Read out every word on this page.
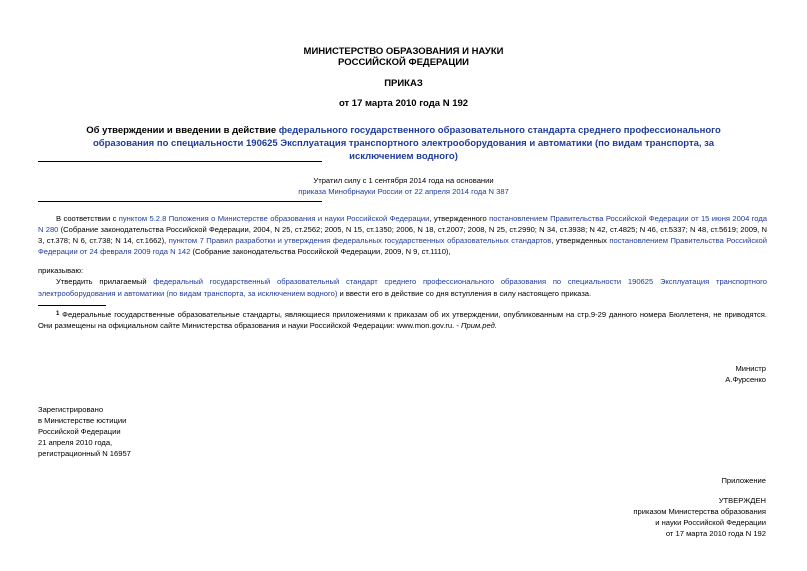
МИНИСТЕРСТВО ОБРАЗОВАНИЯ И НАУКИ
РОССИЙСКОЙ ФЕДЕРАЦИИ
ПРИКАЗ
от 17 марта 2010 года N 192
Об утверждении и введении в действие федерального государственного образовательного стандарта среднего профессионального образования по специальности 190625 Эксплуатация транспортного электрооборудования и автоматики (по видам транспорта, за исключением водного)
Утратил силу с 1 сентября 2014 года на основании
приказа Минобрнауки России от 22 апреля 2014 года N 387
В соответствии с пунктом 5.2.8 Положения о Министерстве образования и науки Российской Федерации, утвержденного постановлением Правительства Российской Федерации от 15 июня 2004 года N 280 (Собрание законодательства Российской Федерации, 2004, N 25, ст.2562; 2005, N 15, ст.1350; 2006, N 18, ст.2007; 2008, N 25, ст.2990; N 34, ст.3938; N 42, ст.4825; N 46, ст.5337; N 48, ст.5619; 2009, N 3, ст.378; N 6, ст.738; N 14, ст.1662), пунктом 7 Правил разработки и утверждения федеральных государственных образовательных стандартов, утвержденных постановлением Правительства Российской Федерации от 24 февраля 2009 года N 142 (Собрание законодательства Российской Федерации, 2009, N 9, ст.1110),
приказываю:
Утвердить прилагаемый федеральный государственный образовательный стандарт среднего профессионального образования по специальности 190625 Эксплуатация транспортного электрооборудования и автоматики (по видам транспорта, за исключением водного) и ввести его в действие со дня вступления в силу настоящего приказа.
$^1$ Федеральные государственные образовательные стандарты, являющиеся приложениями к приказам об их утверждении, опубликованным на стр.9-29 данного номера Бюллетеня, не приводятся. Они размещены на официальном сайте Министерства образования и науки Российской Федерации: www.mon.gov.ru. - Прим.ред.
Министр
А.Фурсенко
Зарегистрировано
в Министерстве юстиции
Российской Федерации
21 апреля 2010 года,
регистрационный N 16957
Приложение
УТВЕРЖДЕН
приказом Министерства образования
и науки Российской Федерации
от 17 марта 2010 года N 192
